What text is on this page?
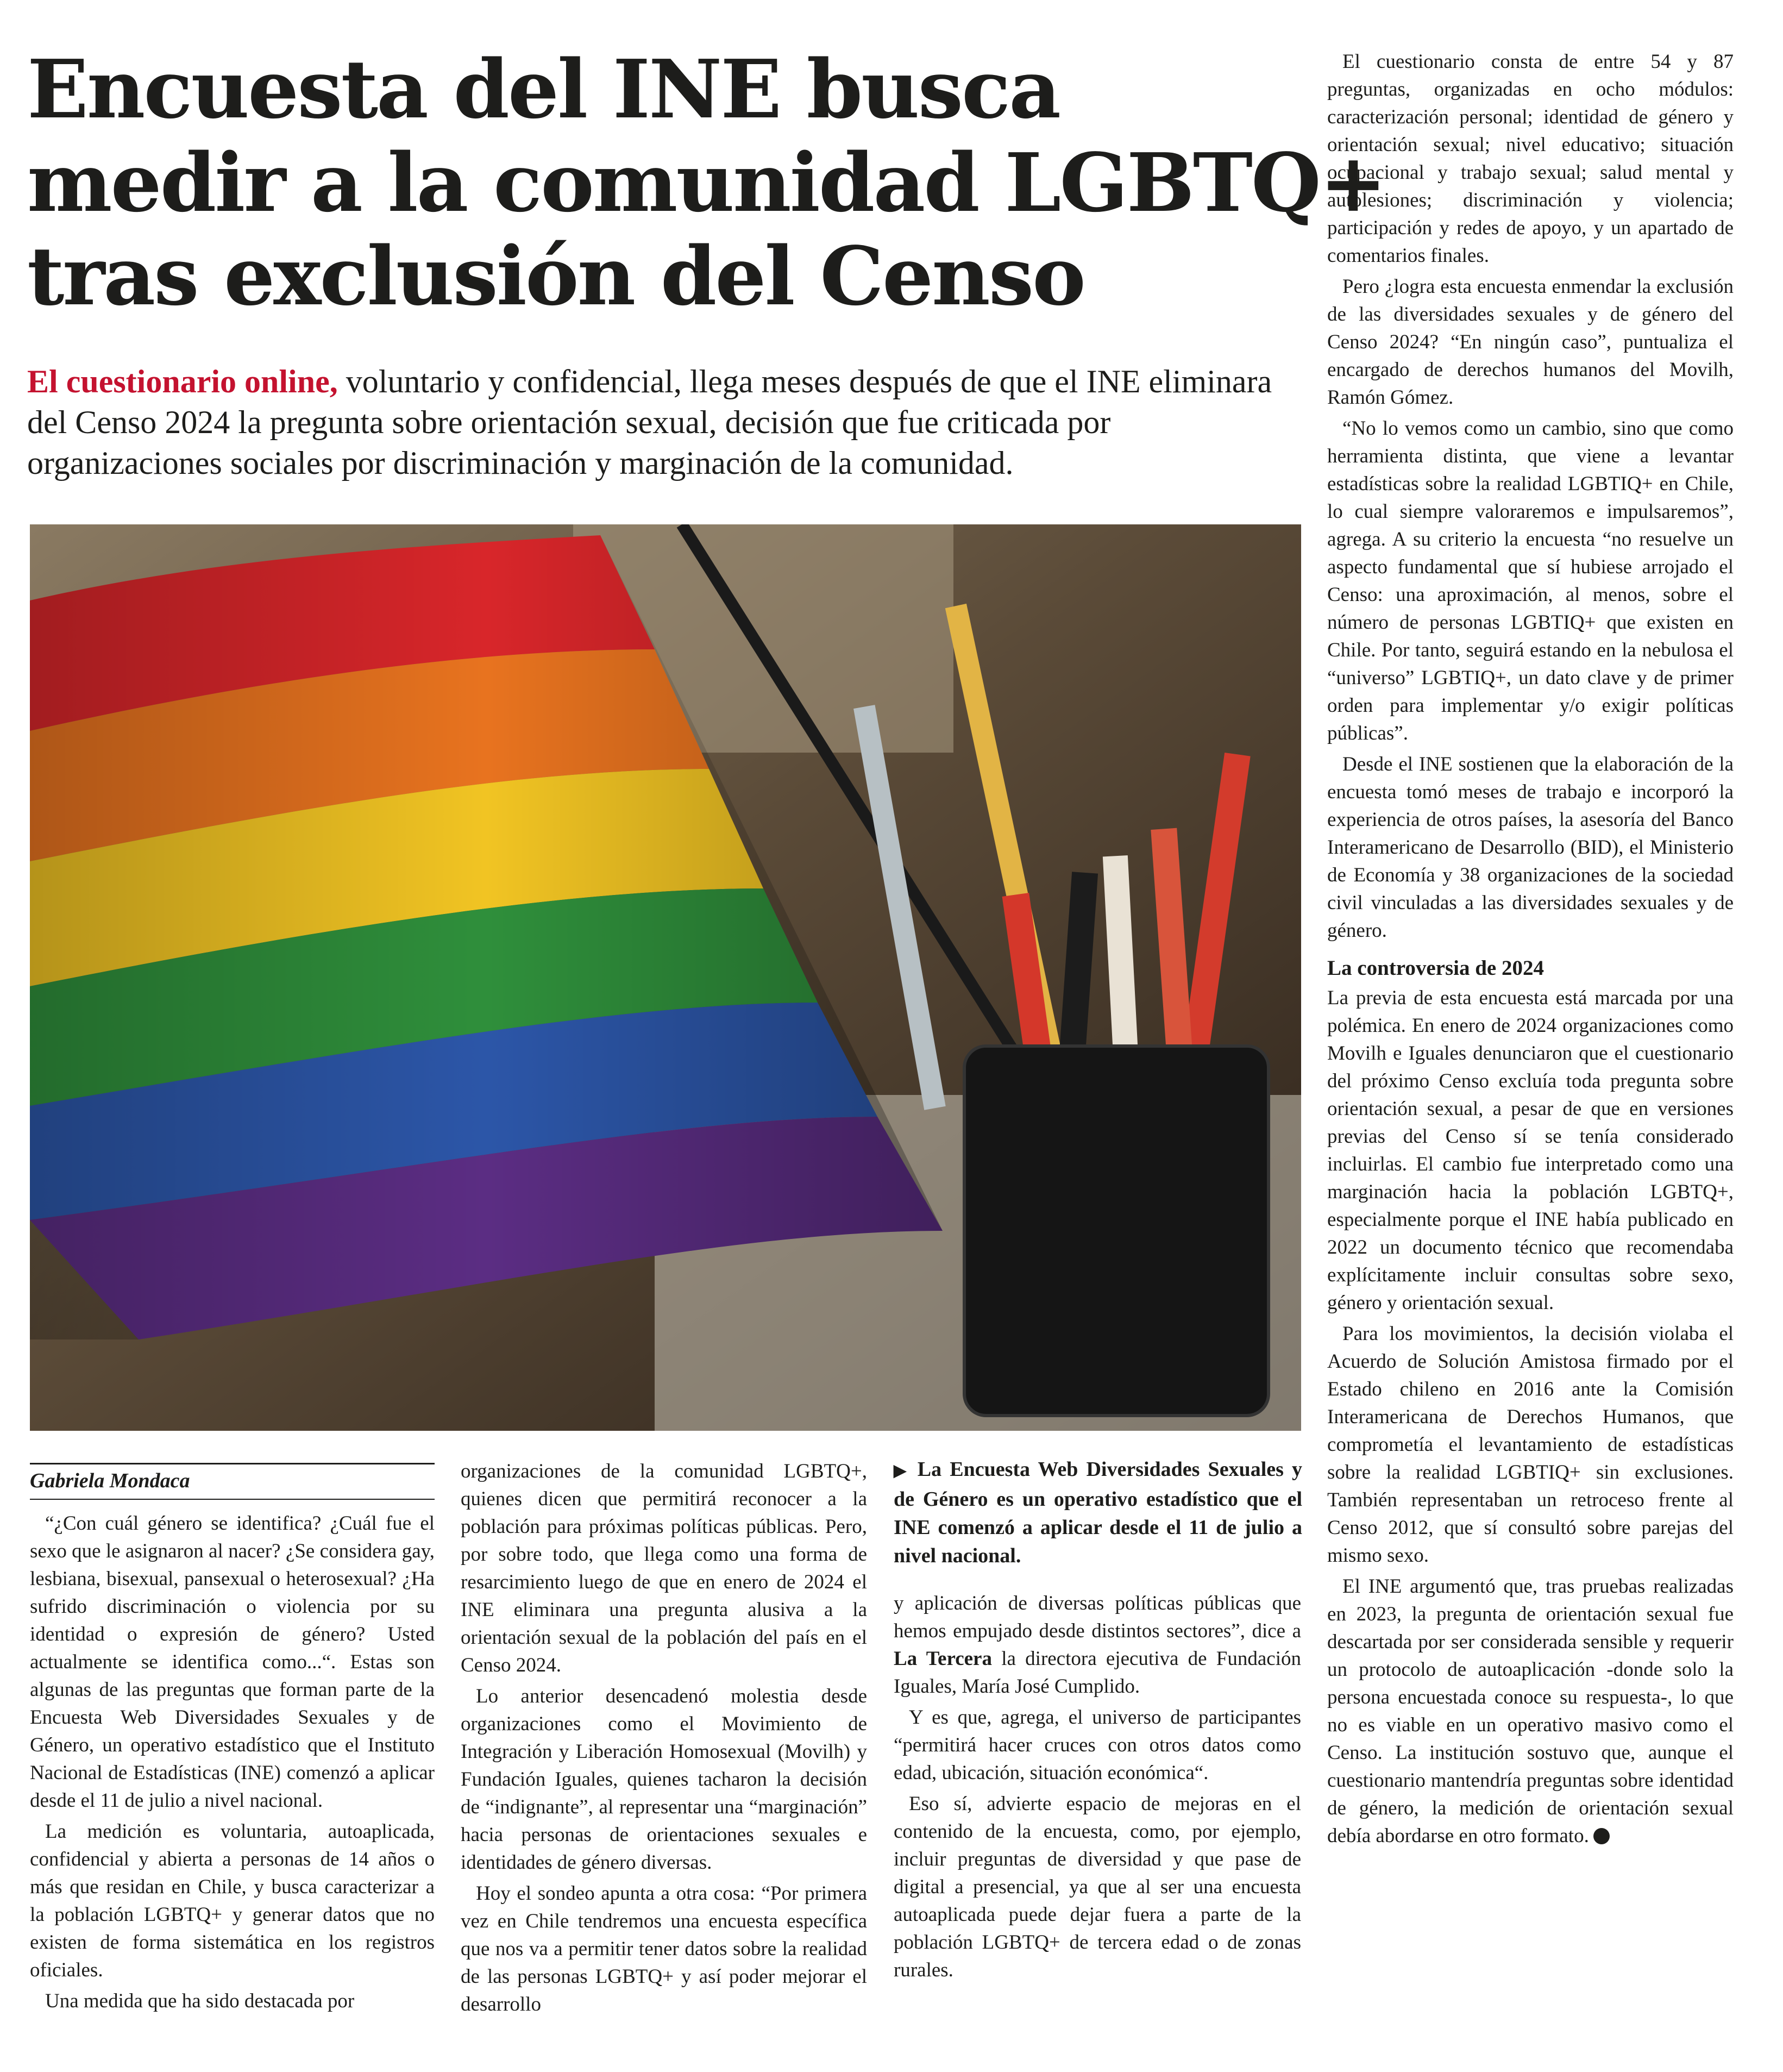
Encuesta del INE busca
medir a la comunidad LGBTQ+
tras exclusión del Censo

El cuestionario online, voluntario y confidencial, llega meses después de que el INE eliminara del Censo 2024 la pregunta sobre orientación sexual, decisión que fue criticada por organizaciones sociales por discriminación y marginación de la comunidad.

Gabriela Mondaca

“¿Con cuál género se identifica? ¿Cuál fue el sexo que le asignaron al nacer? ¿Se considera gay, lesbiana, bisexual, pansexual o heterosexual? ¿Ha sufrido discriminación o violencia por su identidad o expresión de género? Usted actualmente se identifica como...“. Estas son algunas de las preguntas que forman parte de la Encuesta Web Diversidades Sexuales y de Género, un operativo estadístico que el Instituto Nacional de Estadísticas (INE) comenzó a aplicar desde el 11 de julio a nivel nacional.

La medición es voluntaria, autoaplicada, confidencial y abierta a personas de 14 años o más que residan en Chile, y busca caracterizar a la población LGBTQ+ y generar datos que no existen de forma sistemática en los registros oficiales.

Una medida que ha sido destacada por

organizaciones de la comunidad LGBTQ+, quienes dicen que permitirá reconocer a la población para próximas políticas públicas. Pero, por sobre todo, que llega como una forma de resarcimiento luego de que en enero de 2024 el INE eliminara una pregunta alusiva a la orientación sexual de la población del país en el Censo 2024.

Lo anterior desencadenó molestia desde organizaciones como el Movimiento de Integración y Liberación Homosexual (Movilh) y Fundación Iguales, quienes tacharon la decisión de “indignante”, al representar una “marginación” hacia personas de orientaciones sexuales e identidades de género diversas.

Hoy el sondeo apunta a otra cosa: “Por primera vez en Chile tendremos una encuesta específica que nos va a permitir tener datos sobre la realidad de las personas LGBTQ+ y así poder mejorar el desarrollo

▶ La Encuesta Web Diversidades Sexuales y de Género es un operativo estadístico que el INE comenzó a aplicar desde el 11 de julio a nivel nacional.

y aplicación de diversas políticas públicas que hemos empujado desde distintos sectores”, dice a La Tercera la directora ejecutiva de Fundación Iguales, María José Cumplido.

Y es que, agrega, el universo de participantes “permitirá hacer cruces con otros datos como edad, ubicación, situación económica“.

Eso sí, advierte espacio de mejoras en el contenido de la encuesta, como, por ejemplo, incluir preguntas de diversidad y que pase de digital a presencial, ya que al ser una encuesta autoaplicada puede dejar fuera a parte de la población LGBTQ+ de tercera edad o de zonas rurales.

El cuestionario consta de entre 54 y 87 preguntas, organizadas en ocho módulos: caracterización personal; identidad de género y orientación sexual; nivel educativo; situación ocupacional y trabajo sexual; salud mental y autolesiones; discriminación y violencia; participación y redes de apoyo, y un apartado de comentarios finales.

Pero ¿logra esta encuesta enmendar la exclusión de las diversidades sexuales y de género del Censo 2024? “En ningún caso”, puntualiza el encargado de derechos humanos del Movilh, Ramón Gómez.

“No lo vemos como un cambio, sino que como herramienta distinta, que viene a levantar estadísticas sobre la realidad LGBTIQ+ en Chile, lo cual siempre valoraremos e impulsaremos”, agrega. A su criterio la encuesta “no resuelve un aspecto fundamental que sí hubiese arrojado el Censo: una aproximación, al menos, sobre el número de personas LGBTIQ+ que existen en Chile. Por tanto, seguirá estando en la nebulosa el “universo” LGBTIQ+, un dato clave y de primer orden para implementar y/o exigir políticas públicas”.

Desde el INE sostienen que la elaboración de la encuesta tomó meses de trabajo e incorporó la experiencia de otros países, la asesoría del Banco Interamericano de Desarrollo (BID), el Ministerio de Economía y 38 organizaciones de la sociedad civil vinculadas a las diversidades sexuales y de género.

La controversia de 2024

La previa de esta encuesta está marcada por una polémica. En enero de 2024 organizaciones como Movilh e Iguales denunciaron que el cuestionario del próximo Censo excluía toda pregunta sobre orientación sexual, a pesar de que en versiones previas del Censo sí se tenía considerado incluirlas. El cambio fue interpretado como una marginación hacia la población LGBTQ+, especialmente porque el INE había publicado en 2022 un documento técnico que recomendaba explícitamente incluir consultas sobre sexo, género y orientación sexual.

Para los movimientos, la decisión violaba el Acuerdo de Solución Amistosa firmado por el Estado chileno en 2016 ante la Comisión Interamericana de Derechos Humanos, que comprometía el levantamiento de estadísticas sobre la realidad LGBTIQ+ sin exclusiones. También representaban un retroceso frente al Censo 2012, que sí consultó sobre parejas del mismo sexo.

El INE argumentó que, tras pruebas realizadas en 2023, la pregunta de orientación sexual fue descartada por ser considerada sensible y requerir un protocolo de autoaplicación -donde solo la persona encuestada conoce su respuesta-, lo que no es viable en un operativo masivo como el Censo. La institución sostuvo que, aunque el cuestionario mantendría preguntas sobre identidad de género, la medición de orientación sexual debía abordarse en otro formato.
